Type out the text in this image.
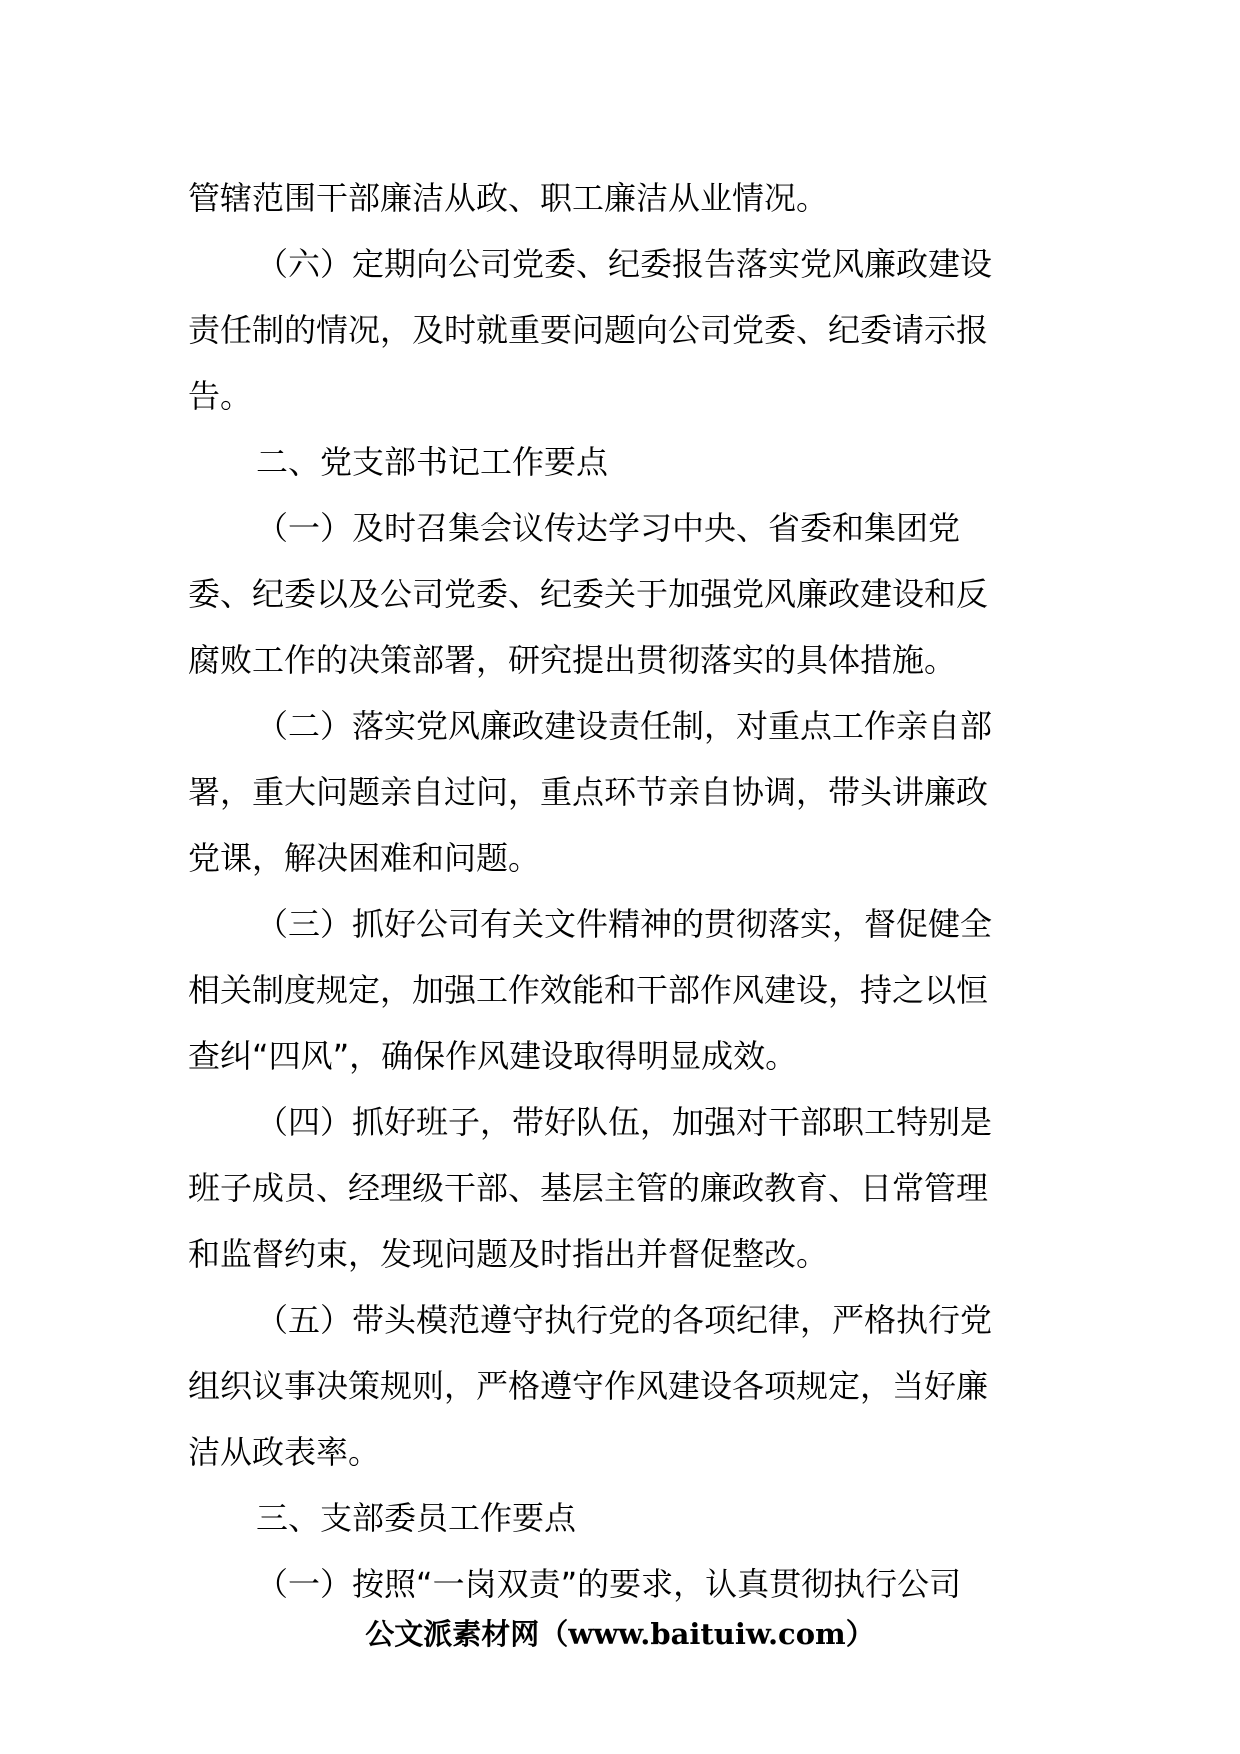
管辖范围干部廉洁从政、职工廉洁从业情况。
（六）定期向公司党委、纪委报告落实党风廉政建设
责任制的情况，及时就重要问题向公司党委、纪委请示报
告。
二、党支部书记工作要点
（一）及时召集会议传达学习中央、省委和集团党
委、纪委以及公司党委、纪委关于加强党风廉政建设和反
腐败工作的决策部署，研究提出贯彻落实的具体措施。
（二）落实党风廉政建设责任制，对重点工作亲自部
署，重大问题亲自过问，重点环节亲自协调，带头讲廉政
党课，解决困难和问题。
（三）抓好公司有关文件精神的贯彻落实，督促健全
相关制度规定，加强工作效能和干部作风建设，持之以恒
查纠“四风”，确保作风建设取得明显成效。
（四）抓好班子，带好队伍，加强对干部职工特别是
班子成员、经理级干部、基层主管的廉政教育、日常管理
和监督约束，发现问题及时指出并督促整改。
（五）带头模范遵守执行党的各项纪律，严格执行党
组织议事决策规则，严格遵守作风建设各项规定，当好廉
洁从政表率。
三、支部委员工作要点
（一）按照“一岗双责”的要求，认真贯彻执行公司
公文派素材网（www.baituiw.com）
